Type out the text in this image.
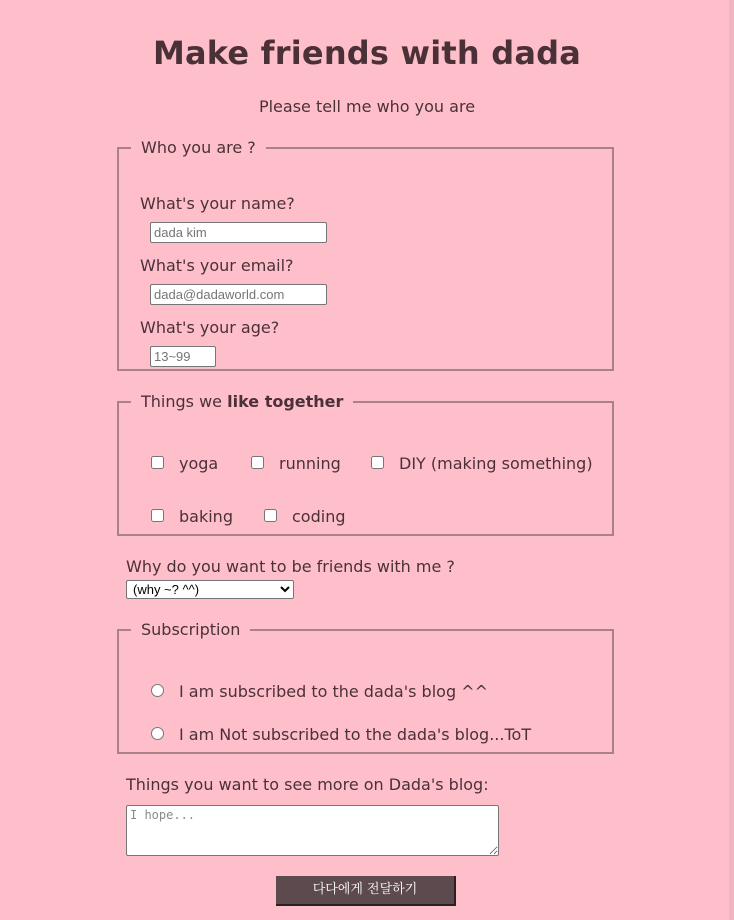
Make friends with dada
Please tell me who you are
Who you are ?
What's your name?
dada kim
What's your email?
dada@dadaworld.com
What's your age?
13~99
Things we like together
yoga	running	DIY (making something)
baking	coding
Why do you want to be friends with me ?
(why ~? ^^)
Subscription
I am subscribed to the dada's blog ^^
I am Not subscribed to the dada's blog...ToT
Things you want to see more on Dada's blog:
I hope...
다다에게 전달하기
